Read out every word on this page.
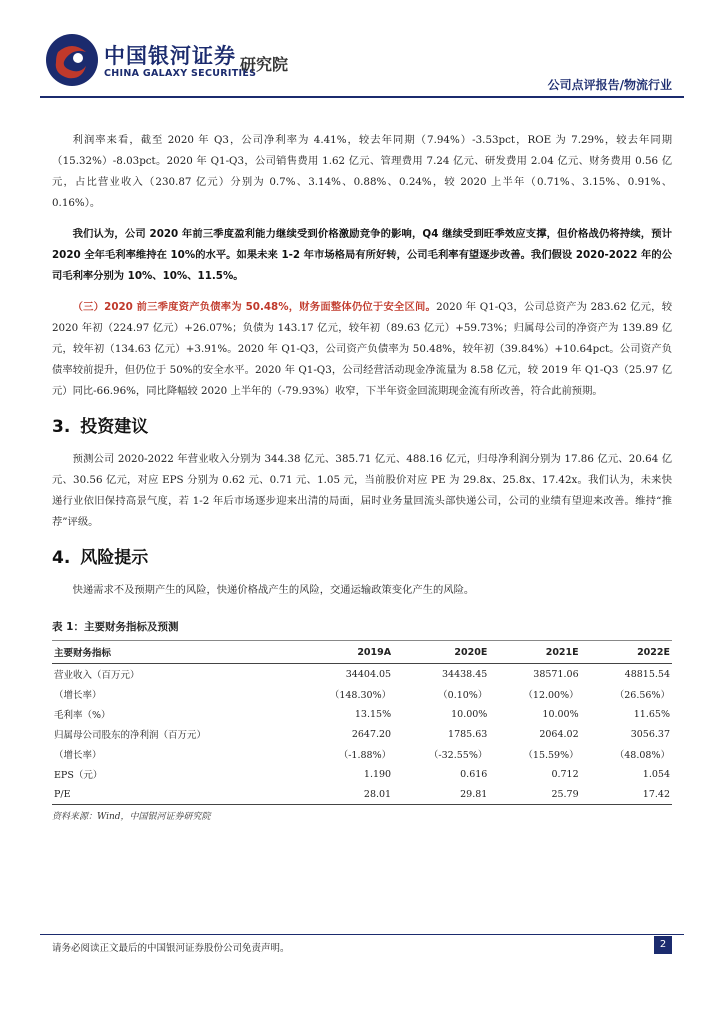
中国银河证券
CHINA GALAXY SECURITIES
研究院
公司点评报告/物流行业

利润率来看，截至 2020 年 Q3，公司净利率为 4.41%，较去年同期（7.94%）-3.53pct，ROE 为 7.29%，较去年同期（15.32%）-8.03pct。2020 年 Q1-Q3，公司销售费用 1.62 亿元、管理费用 7.24 亿元、研发费用 2.04 亿元、财务费用 0.56 亿元，占比营业收入（230.87 亿元）分别为 0.7%、3.14%、0.88%、0.24%，较 2020 上半年（0.71%、3.15%、0.91%、0.16%）。

我们认为，公司 2020 年前三季度盈利能力继续受到价格激励竞争的影响，Q4 继续受到旺季效应支撑，但价格战仍将持续，预计 2020 全年毛利率维持在 10%的水平。如果未来 1-2 年市场格局有所好转，公司毛利率有望逐步改善。我们假设 2020-2022 年的公司毛利率分别为 10%、10%、11.5%。

（三）2020 前三季度资产负债率为 50.48%，财务面整体仍位于安全区间。2020 年 Q1-Q3，公司总资产为 283.62 亿元，较 2020 年初（224.97 亿元）+26.07%；负债为 143.17 亿元，较年初（89.63 亿元）+59.73%；归属母公司的净资产为 139.89 亿元，较年初（134.63 亿元）+3.91%。2020 年 Q1-Q3，公司资产负债率为 50.48%，较年初（39.84%）+10.64pct。公司资产负债率较前提升，但仍位于 50%的安全水平。2020 年 Q1-Q3，公司经营活动现金净流量为 8.58 亿元，较 2019 年 Q1-Q3（25.97 亿元）同比-66.96%，同比降幅较 2020 上半年的（-79.93%）收窄，下半年资金回流期现金流有所改善，符合此前预期。

3. 投资建议

预测公司 2020-2022 年营业收入分别为 344.38 亿元、385.71 亿元、488.16 亿元，归母净利润分别为 17.86 亿元、20.64 亿元、30.56 亿元，对应 EPS 分别为 0.62 元、0.71 元、1.05 元，当前股价对应 PE 为 29.8x、25.8x、17.42x。我们认为，未来快递行业依旧保持高景气度，若 1-2 年后市场逐步迎来出清的局面，届时业务量回流头部快递公司，公司的业绩有望迎来改善。维持“推荐”评级。

4. 风险提示

快递需求不及预期产生的风险，快递价格战产生的风险，交通运输政策变化产生的风险。

表 1：主要财务指标及预测
主要财务指标	2019A	2020E	2021E	2022E
营业收入（百万元）	34404.05	34438.45	38571.06	48815.54
（增长率）	（148.30%）	（0.10%）	（12.00%）	（26.56%）
毛利率（%）	13.15%	10.00%	10.00%	11.65%
归属母公司股东的净利润（百万元）	2647.20	1785.63	2064.02	3056.37
（增长率）	（-1.88%）	（-32.55%）	（15.59%）	（48.08%）
EPS（元）	1.190	0.616	0.712	1.054
P/E	28.01	29.81	25.79	17.42
资料来源：Wind，中国银河证券研究院
请务必阅读正文最后的中国银河证券股份公司免责声明。	2
